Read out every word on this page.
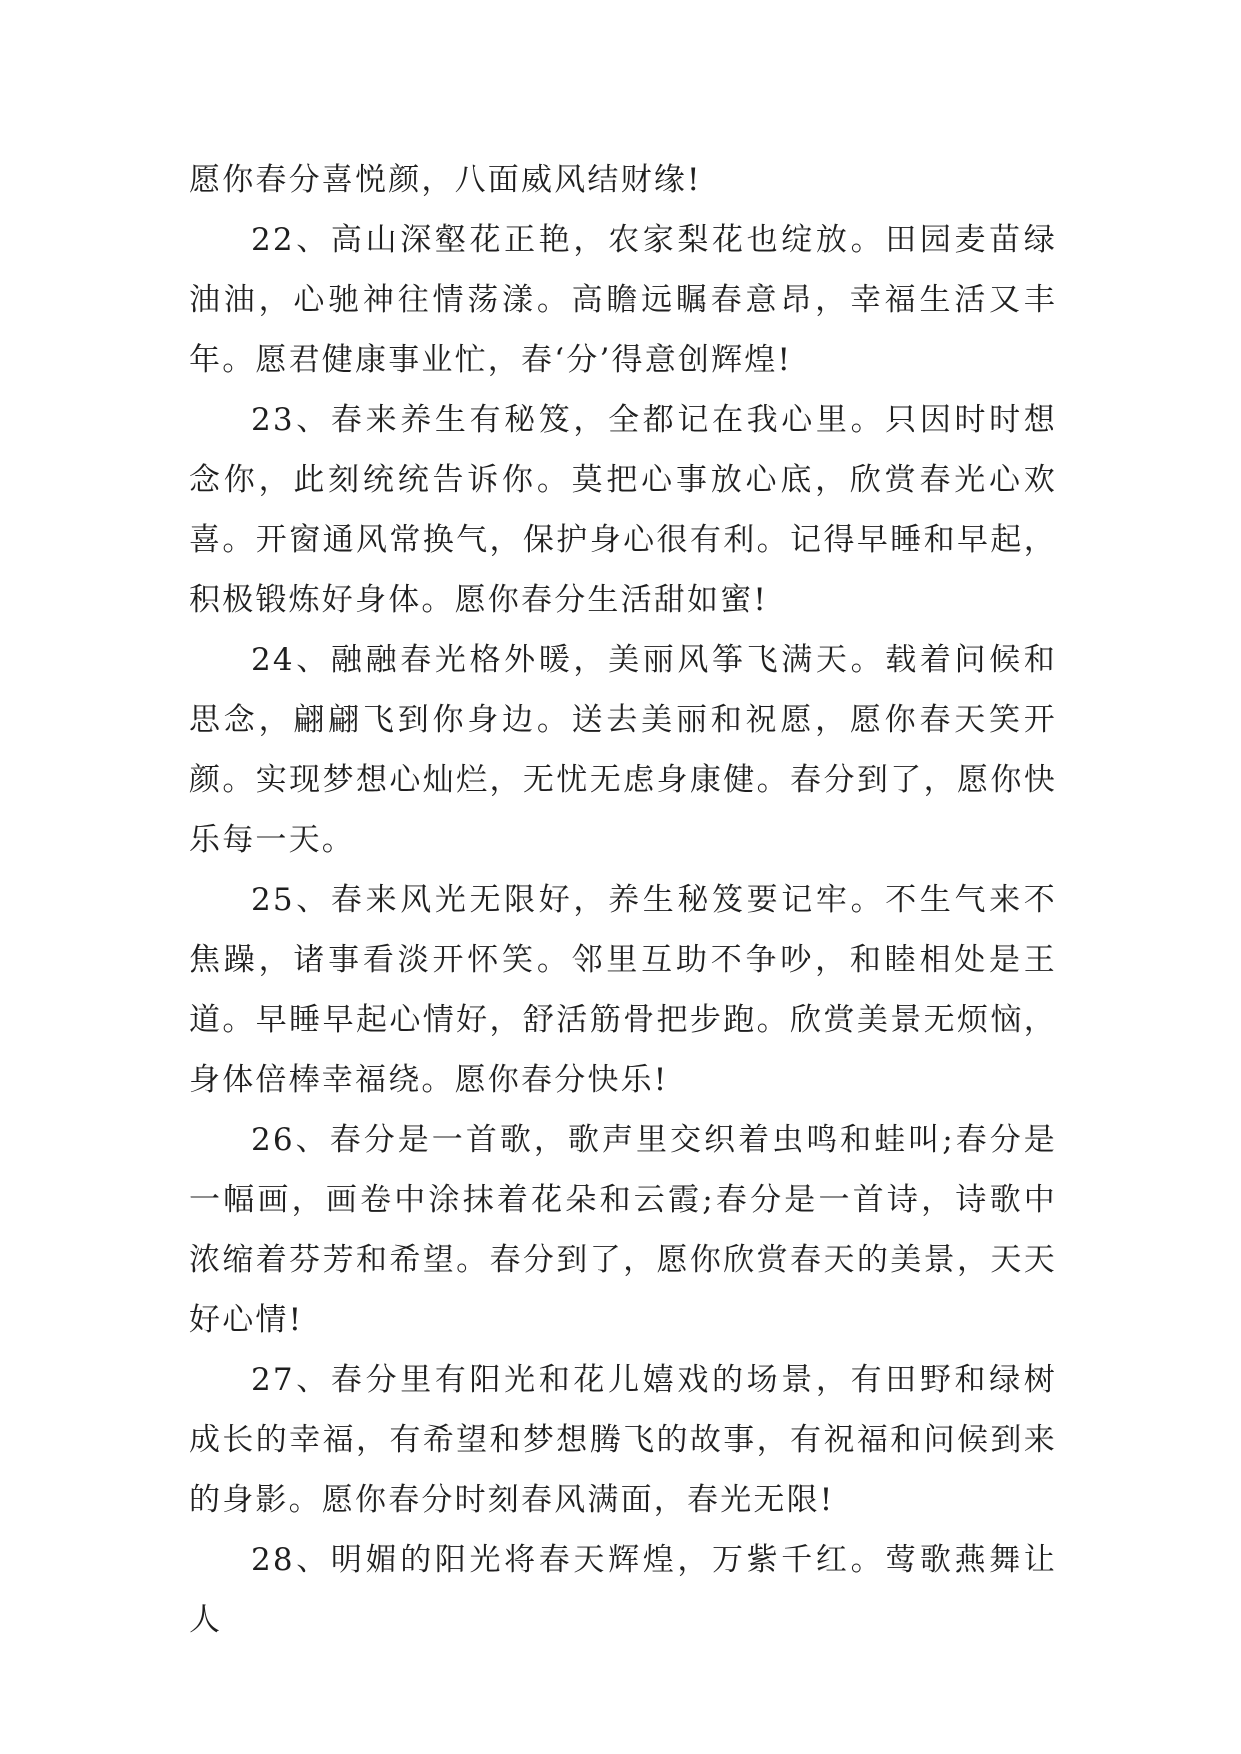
愿你春分喜悦颜，八面威风结财缘!

22、高山深壑花正艳，农家梨花也绽放。田园麦苗绿油油，心驰神往情荡漾。高瞻远瞩春意昂，幸福生活又丰年。愿君健康事业忙，春‘分’得意创辉煌!

23、春来养生有秘笈，全都记在我心里。只因时时想念你，此刻统统告诉你。莫把心事放心底，欣赏春光心欢喜。开窗通风常换气，保护身心很有利。记得早睡和早起，积极锻炼好身体。愿你春分生活甜如蜜!

24、融融春光格外暖，美丽风筝飞满天。载着问候和思念，翩翩飞到你身边。送去美丽和祝愿，愿你春天笑开颜。实现梦想心灿烂，无忧无虑身康健。春分到了，愿你快乐每一天。

25、春来风光无限好，养生秘笈要记牢。不生气来不焦躁，诸事看淡开怀笑。邻里互助不争吵，和睦相处是王道。早睡早起心情好，舒活筋骨把步跑。欣赏美景无烦恼，身体倍棒幸福绕。愿你春分快乐!

26、春分是一首歌，歌声里交织着虫鸣和蛙叫;春分是一幅画，画卷中涂抹着花朵和云霞;春分是一首诗，诗歌中浓缩着芬芳和希望。春分到了，愿你欣赏春天的美景，天天好心情!

27、春分里有阳光和花儿嬉戏的场景，有田野和绿树成长的幸福，有希望和梦想腾飞的故事，有祝福和问候到来的身影。愿你春分时刻春风满面，春光无限!

28、明媚的阳光将春天辉煌，万紫千红。莺歌燕舞让人
